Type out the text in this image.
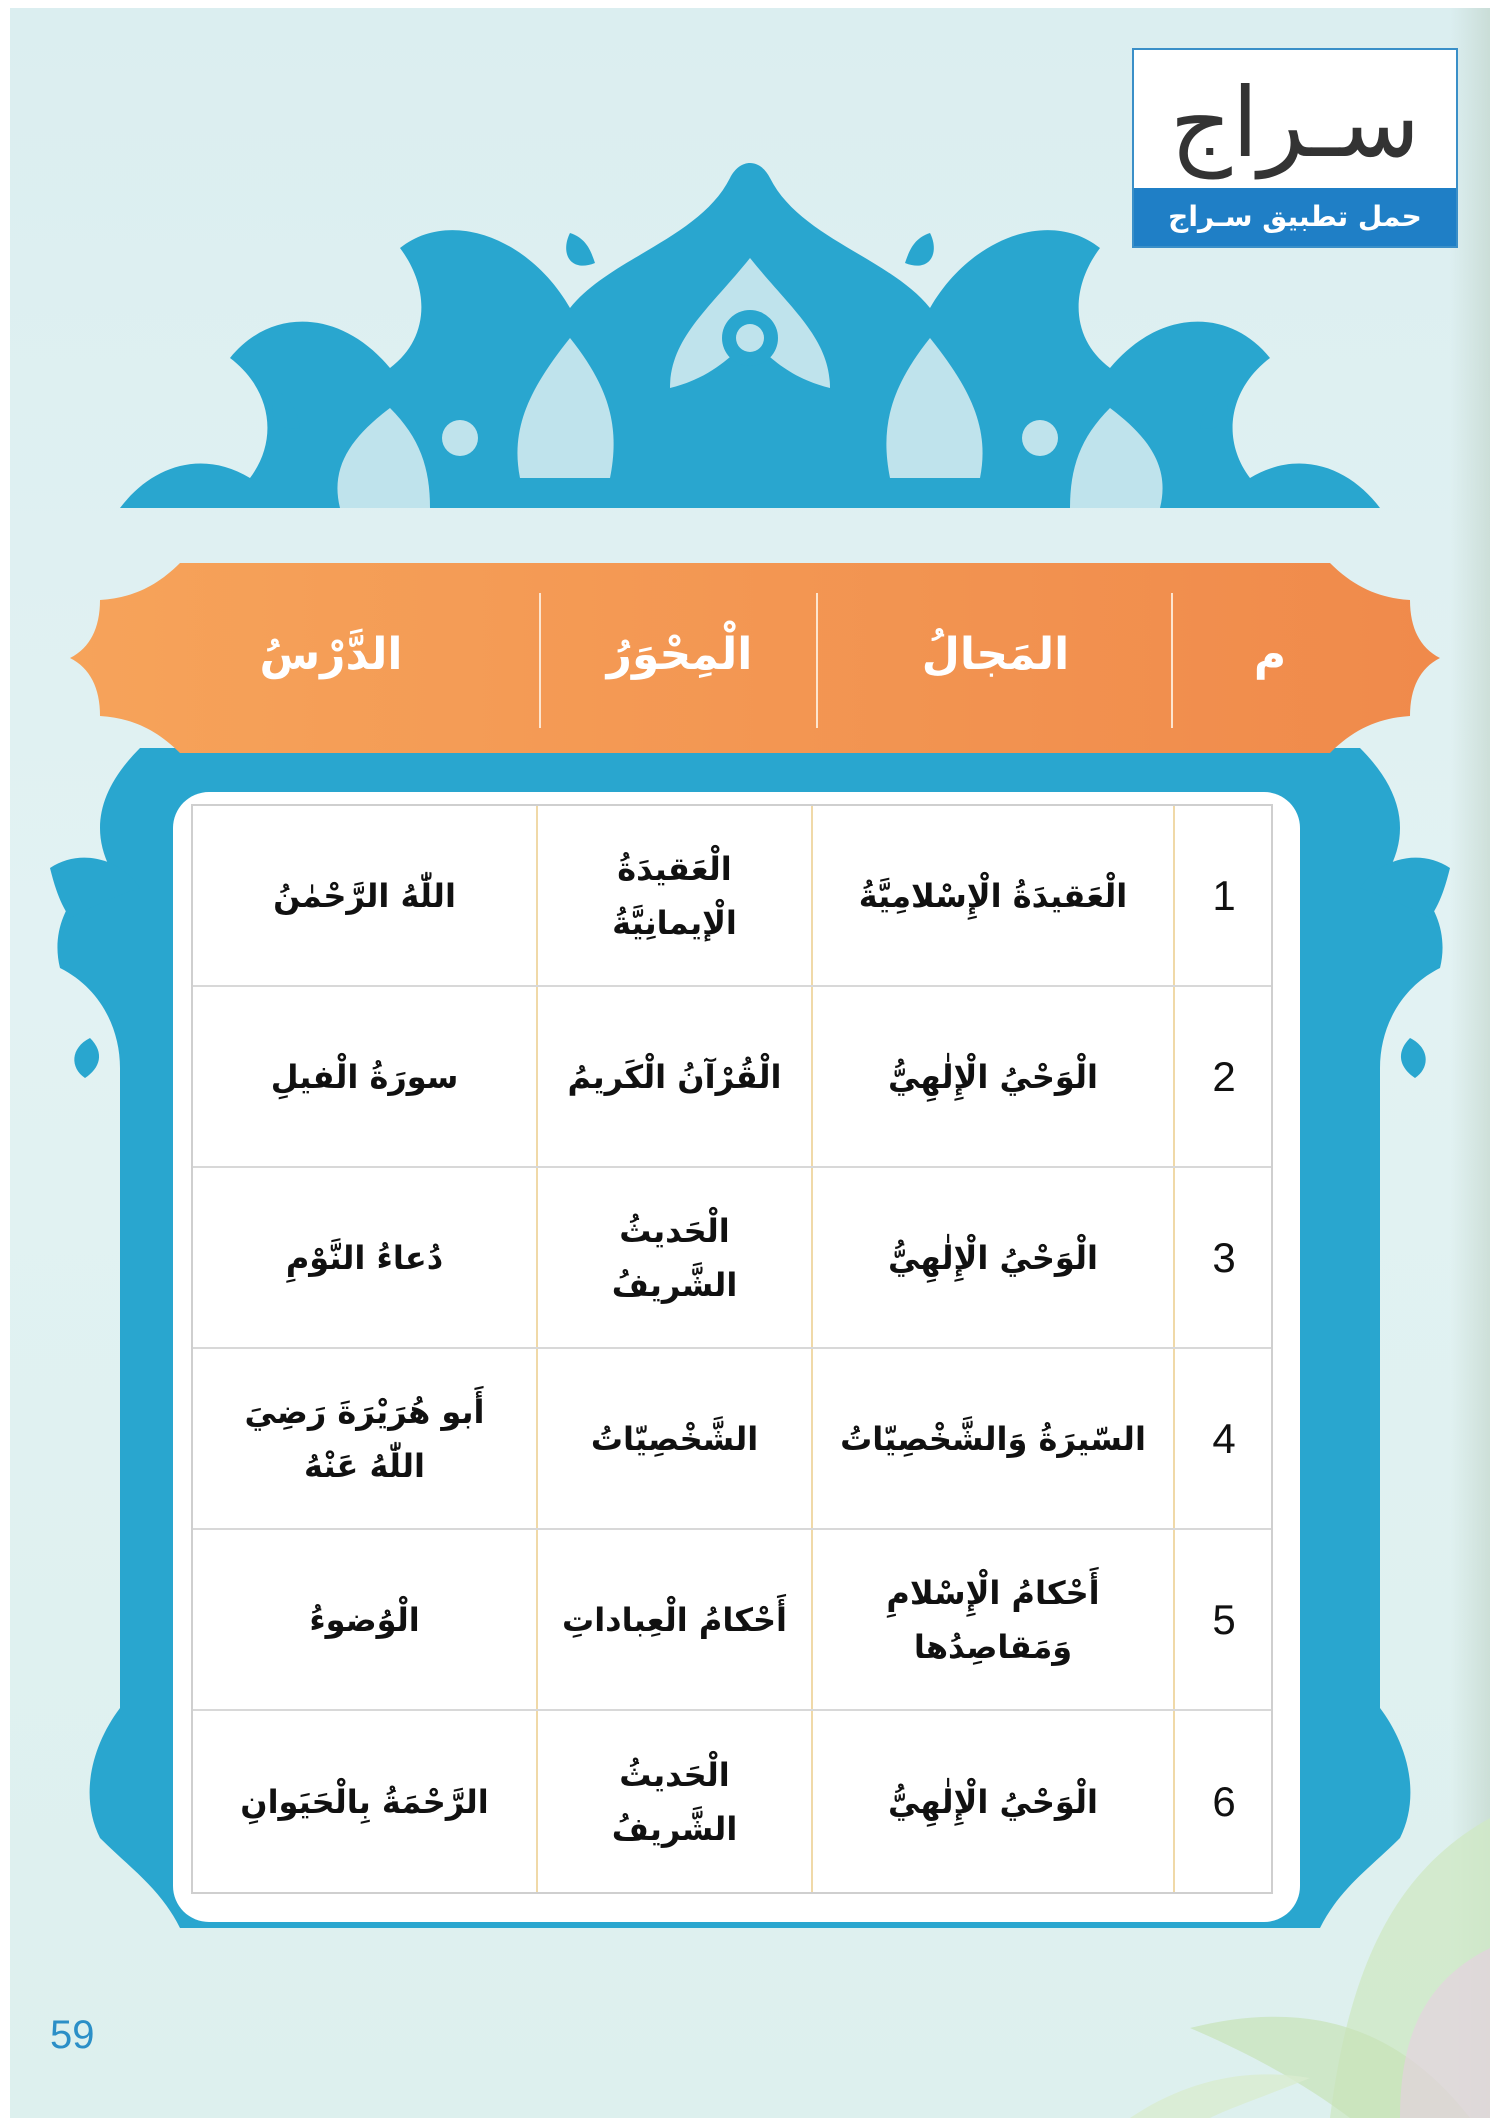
سـراج
حمل تطبيق سـراج
م
المَجالُ
الْمِحْوَرُ
الدَّرْسُ
1
الْعَقيدَةُ الْإِسْلامِيَّةُ
الْعَقيدَةُ الْإيمانِيَّةُ
اللّٰهُ الرَّحْمٰنُ
2
الْوَحْيُ الْإِلٰهِيُّ
الْقُرْآنُ الْكَريمُ
سورَةُ الْفيلِ
3
الْوَحْيُ الْإِلٰهِيُّ
الْحَديثُ الشَّريفُ
دُعاءُ النَّوْمِ
4
السّيرَةُ وَالشَّخْصِيّاتُ
الشَّخْصِيّاتُ
أَبو هُرَيْرَةَ رَضِيَ اللّٰهُ عَنْهُ
5
أَحْكامُ الْإِسْلامِ وَمَقاصِدُها
أَحْكامُ الْعِباداتِ
الْوُضوءُ
6
الْوَحْيُ الْإِلٰهِيُّ
الْحَديثُ الشَّريفُ
الرَّحْمَةُ بِالْحَيَوانِ
59
